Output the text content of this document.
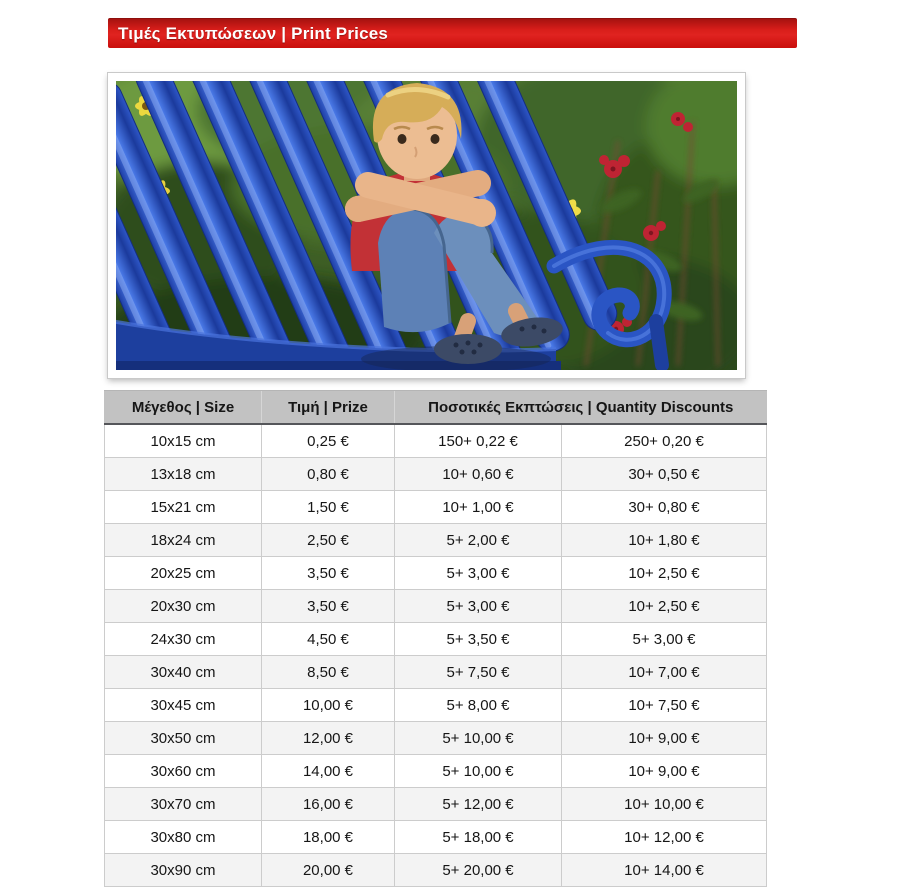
Τιμές Εκτυπώσεων | Print Prices
Μέγεθος | Size	Τιμή | Prize	Ποσοτικές Εκπτώσεις | Quantity Discounts	
10x15 cm	0,25 €	150+ 0,22 €	250+ 0,20 €
13x18 cm	0,80 €	10+ 0,60 €	30+ 0,50 €
15x21 cm	1,50 €	10+ 1,00 €	30+ 0,80 €
18x24 cm	2,50 €	5+ 2,00 €	10+ 1,80 €
20x25 cm	3,50 €	5+ 3,00 €	10+ 2,50 €
20x30 cm	3,50 €	5+ 3,00 €	10+ 2,50 €
24x30 cm	4,50 €	5+ 3,50 €	5+ 3,00 €
30x40 cm	8,50 €	5+ 7,50 €	10+ 7,00 €
30x45 cm	10,00 €	5+ 8,00 €	10+ 7,50 €
30x50 cm	12,00 €	5+ 10,00 €	10+ 9,00 €
30x60 cm	14,00 €	5+ 10,00 €	10+ 9,00 €
30x70 cm	16,00 €	5+ 12,00 €	10+ 10,00 €
30x80 cm	18,00 €	5+ 18,00 €	10+ 12,00 €
30x90 cm	20,00 €	5+ 20,00 €	10+ 14,00 €
